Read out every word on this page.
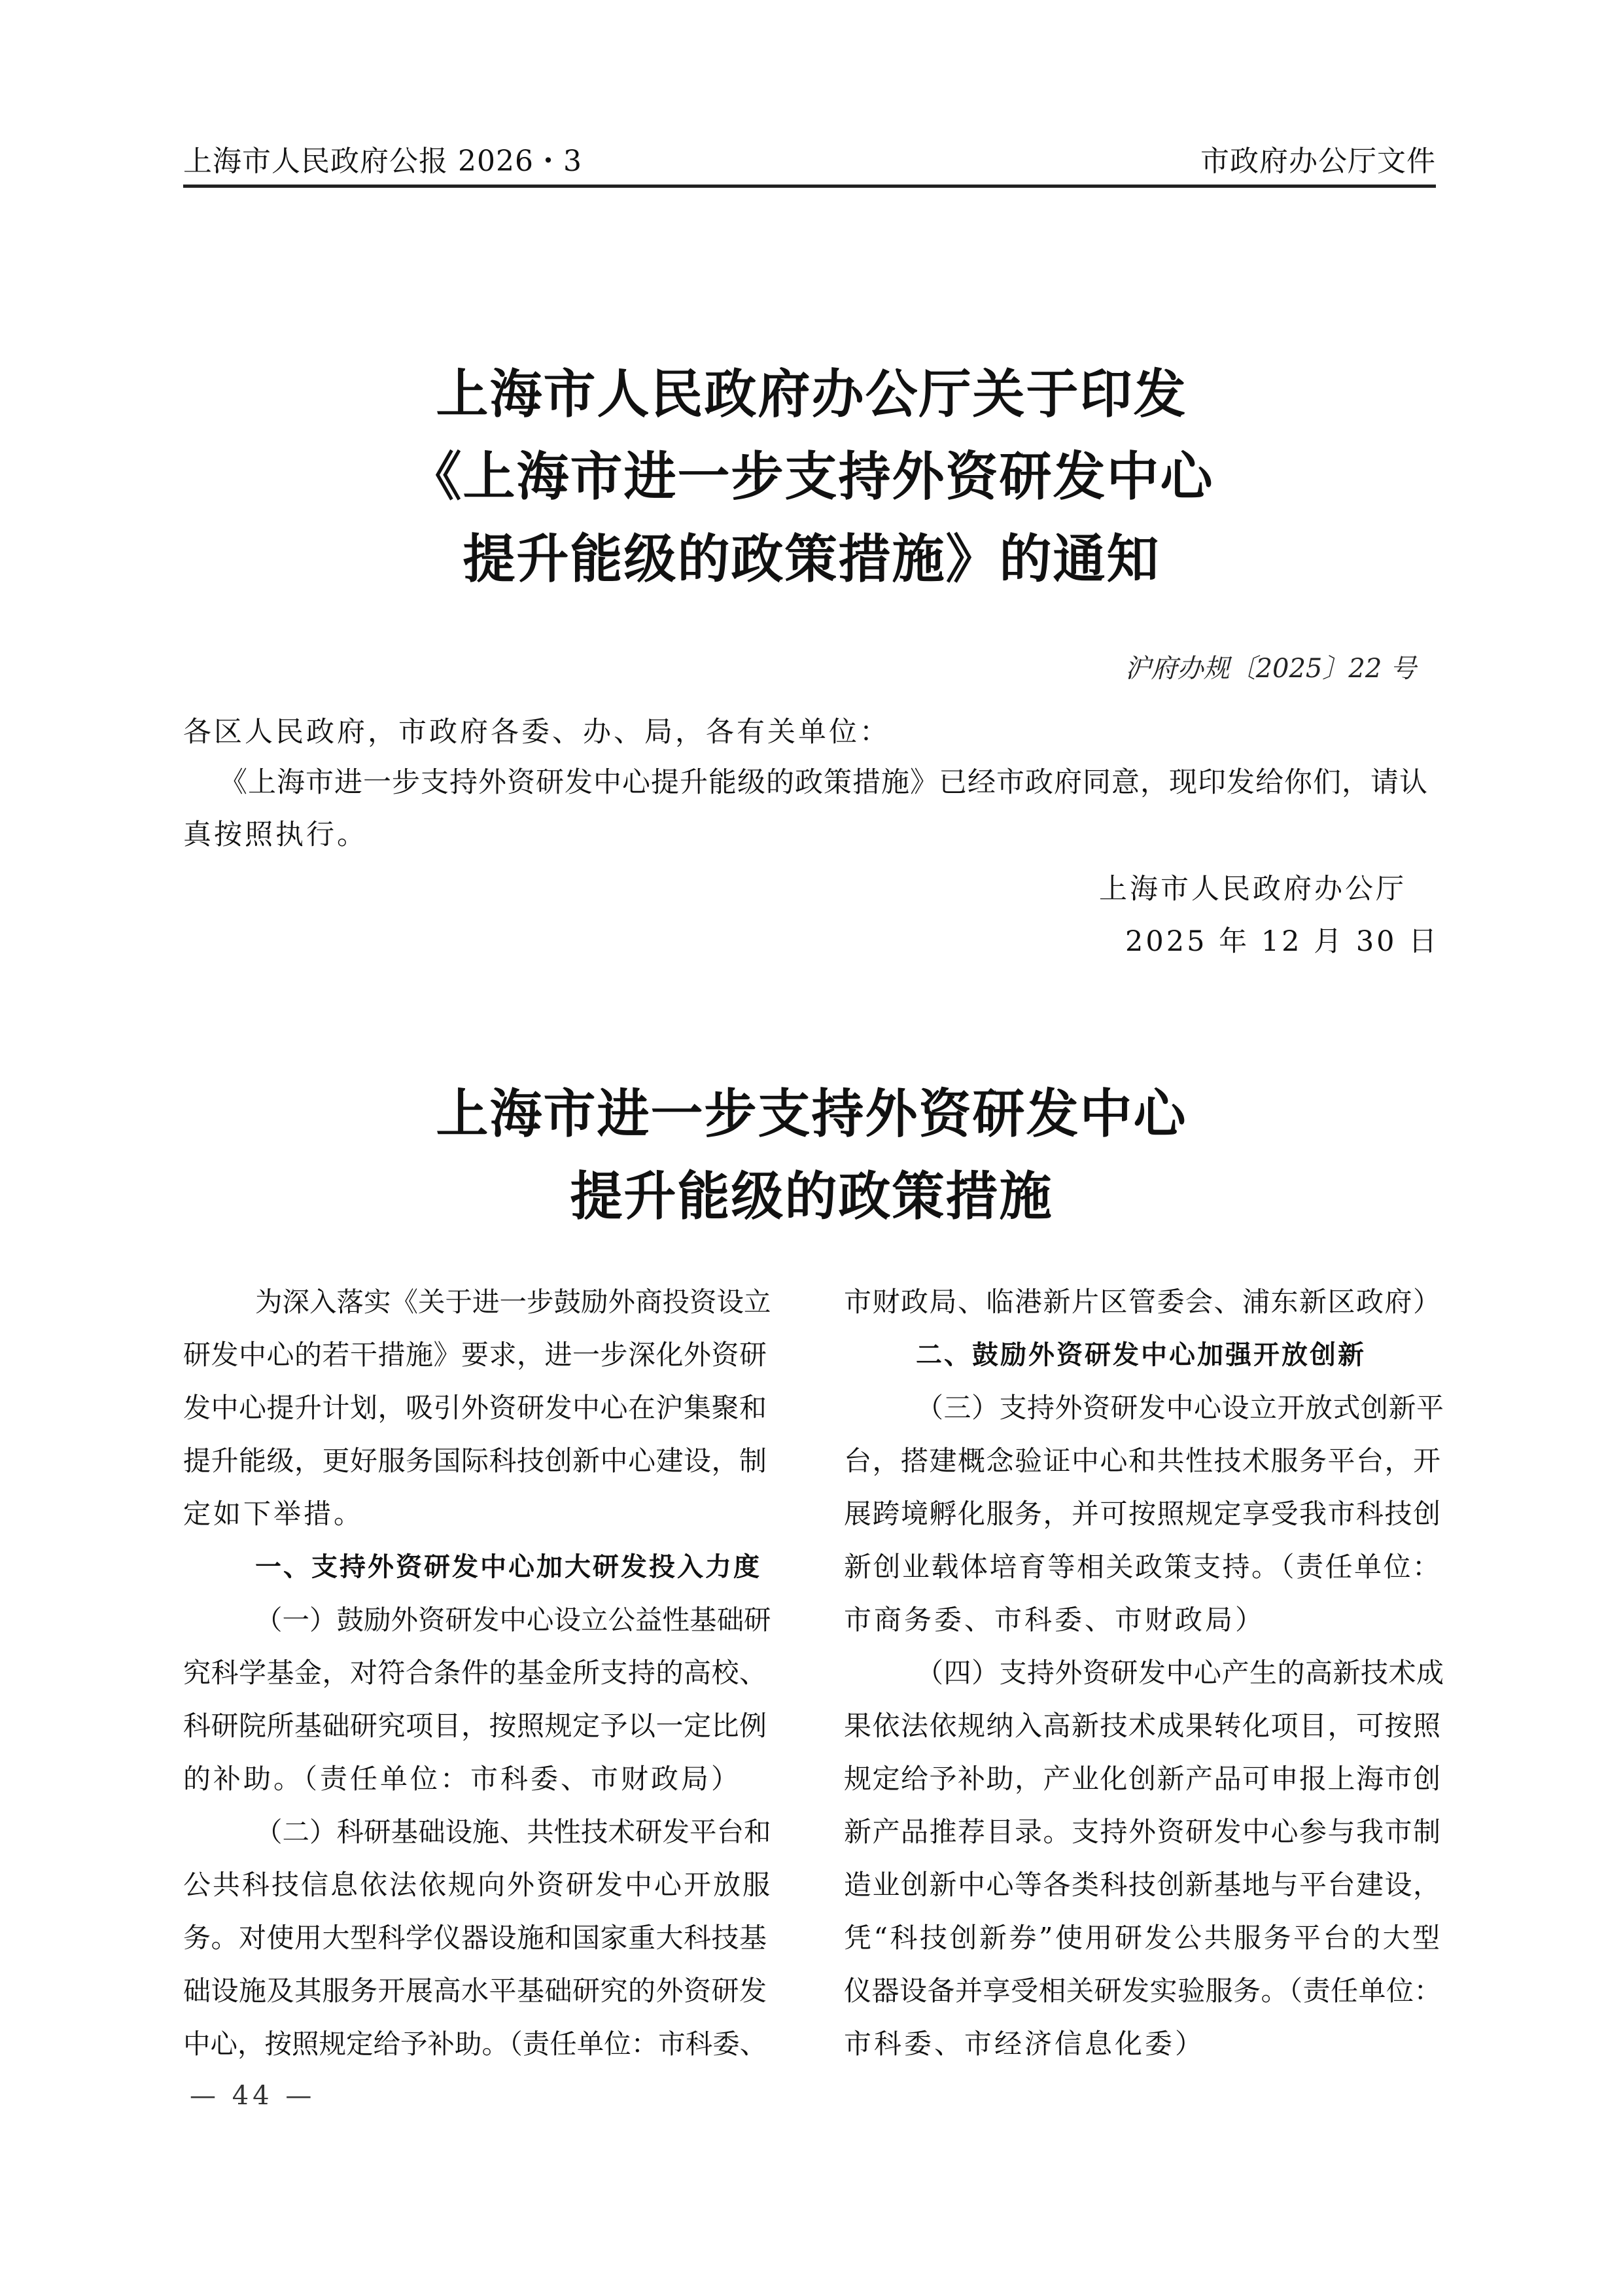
上海市人民政府公报 2026・3	市政府办公厅文件
上海市人民政府办公厅关于印发
《上海市进一步支持外资研发中心
提升能级的政策措施》的通知
沪府办规〔2025〕22 号
各区人民政府，市政府各委、办、局，各有关单位：
《上海市进一步支持外资研发中心提升能级的政策措施》已经市政府同意，现印发给你们，请认
真按照执行。
上海市人民政府办公厅
2025 年 12 月 30 日
上海市进一步支持外资研发中心
提升能级的政策措施
为深入落实《关于进一步鼓励外商投资设立
研发中心的若干措施》要求，进一步深化外资研
发中心提升计划，吸引外资研发中心在沪集聚和
提升能级，更好服务国际科技创新中心建设，制
定如下举措。
一、支持外资研发中心加大研发投入力度
（一）鼓励外资研发中心设立公益性基础研
究科学基金，对符合条件的基金所支持的高校、
科研院所基础研究项目，按照规定予以一定比例
的补助。（责任单位：市科委、市财政局）
（二）科研基础设施、共性技术研发平台和
公共科技信息依法依规向外资研发中心开放服
务。对使用大型科学仪器设施和国家重大科技基
础设施及其服务开展高水平基础研究的外资研发
中心，按照规定给予补助。（责任单位：市科委、
市财政局、临港新片区管委会、浦东新区政府）
二、鼓励外资研发中心加强开放创新
（三）支持外资研发中心设立开放式创新平
台，搭建概念验证中心和共性技术服务平台，开
展跨境孵化服务，并可按照规定享受我市科技创
新创业载体培育等相关政策支持。（责任单位：
市商务委、市科委、市财政局）
（四）支持外资研发中心产生的高新技术成
果依法依规纳入高新技术成果转化项目，可按照
规定给予补助，产业化创新产品可申报上海市创
新产品推荐目录。支持外资研发中心参与我市制
造业创新中心等各类科技创新基地与平台建设，
凭“科技创新券”使用研发公共服务平台的大型
仪器设备并享受相关研发实验服务。（责任单位：
市科委、市经济信息化委）
— 44 —
